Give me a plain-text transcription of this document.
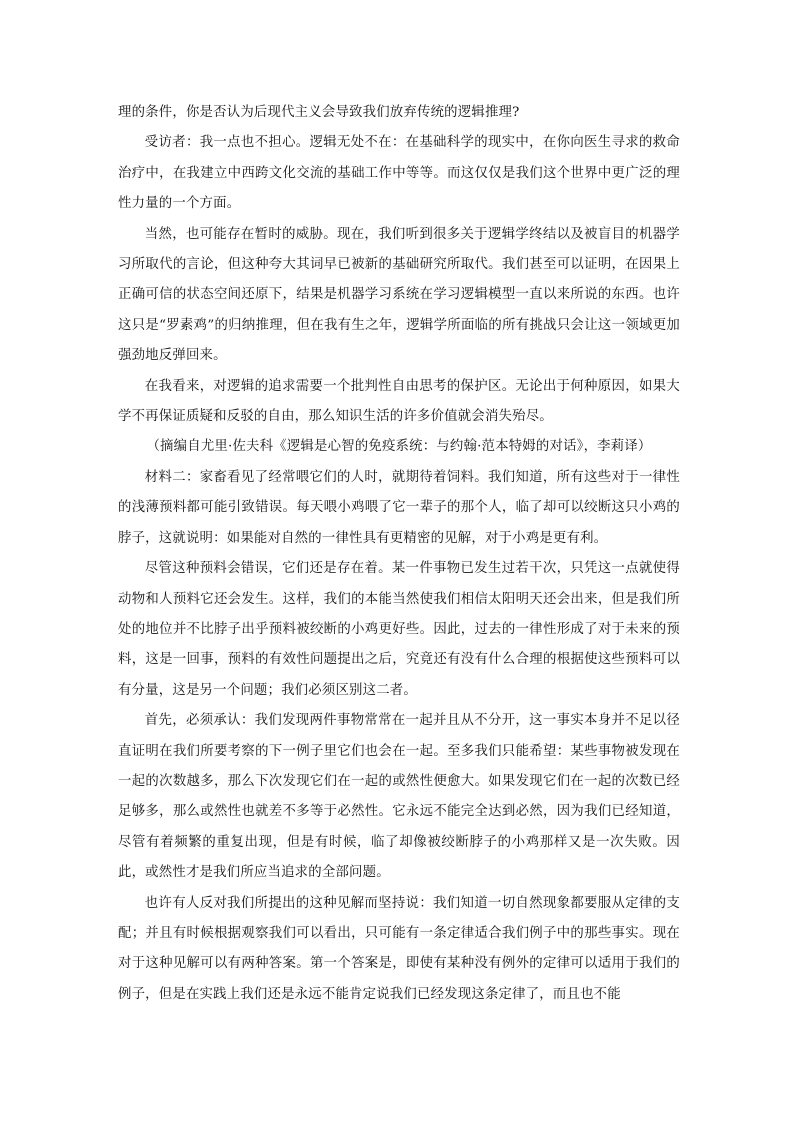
理的条件，你是否认为后现代主义会导致我们放弃传统的逻辑推理?

受访者：我一点也不担心。逻辑无处不在：在基础科学的现实中，在你向医生寻求的救命治疗中，在我建立中西跨文化交流的基础工作中等等。而这仅仅是我们这个世界中更广泛的理性力量的一个方面。

当然，也可能存在暂时的威胁。现在，我们听到很多关于逻辑学终结以及被盲目的机器学习所取代的言论，但这种夸大其词早已被新的基础研究所取代。我们甚至可以证明，在因果上正确可信的状态空间还原下，结果是机器学习系统在学习逻辑模型一直以来所说的东西。也许这只是“罗素鸡”的归纳推理，但在我有生之年，逻辑学所面临的所有挑战只会让这一领域更加强劲地反弹回来。

在我看来，对逻辑的追求需要一个批判性自由思考的保护区。无论出于何种原因，如果大学不再保证质疑和反驳的自由，那么知识生活的许多价值就会消失殆尽。

（摘编自尤里·佐夫科《逻辑是心智的免疫系统：与约翰·范本特姆的对话》，李莉译）

材料二：家畜看见了经常喂它们的人时，就期待着饲料。我们知道，所有这些对于一律性的浅薄预料都可能引致错误。每天喂小鸡喂了它一辈子的那个人，临了却可以绞断这只小鸡的脖子，这就说明：如果能对自然的一律性具有更精密的见解，对于小鸡是更有利。

尽管这种预料会错误，它们还是存在着。某一件事物已发生过若干次，只凭这一点就使得动物和人预料它还会发生。这样，我们的本能当然使我们相信太阳明天还会出来，但是我们所处的地位并不比脖子出乎预料被绞断的小鸡更好些。因此，过去的一律性形成了对于未来的预料，这是一回事，预料的有效性问题提出之后，究竟还有没有什么合理的根据使这些预料可以有分量，这是另一个问题；我们必须区别这二者。

首先，必须承认：我们发现两件事物常常在一起并且从不分开，这一事实本身并不足以径直证明在我们所要考察的下一例子里它们也会在一起。至多我们只能希望：某些事物被发现在一起的次数越多，那么下次发现它们在一起的或然性便愈大。如果发现它们在一起的次数已经足够多，那么或然性也就差不多等于必然性。它永远不能完全达到必然，因为我们已经知道，尽管有着频繁的重复出现，但是有时候，临了却像被绞断脖子的小鸡那样又是一次失败。因此，或然性才是我们所应当追求的全部问题。

也许有人反对我们所提出的这种见解而坚持说：我们知道一切自然现象都要服从定律的支配；并且有时候根据观察我们可以看出，只可能有一条定律适合我们例子中的那些事实。现在对于这种见解可以有两种答案。第一个答案是，即使有某种没有例外的定律可以适用于我们的例子，但是在实践上我们还是永远不能肯定说我们已经发现这条定律了，而且也不能
